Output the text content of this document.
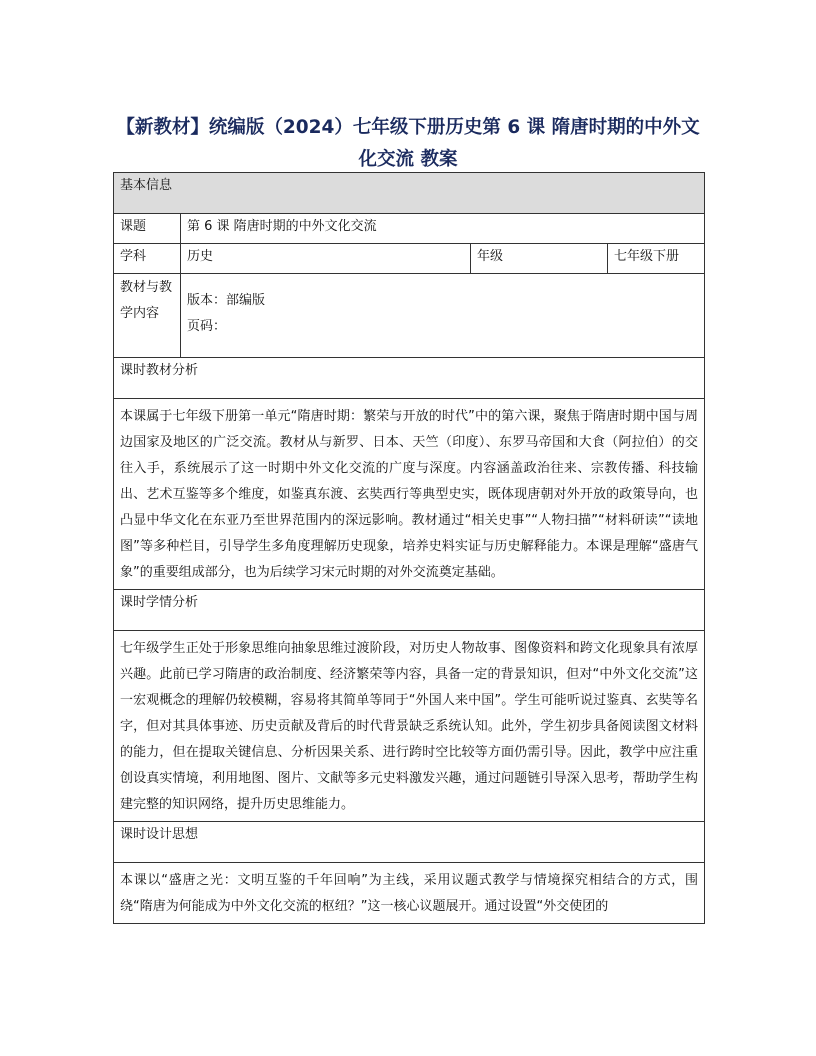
【新教材】统编版（2024）七年级下册历史第 6 课 隋唐时期的中外文化交流 教案
基本信息			
课题	第 6 课 隋唐时期的中外文化交流		
学科	历史	年级	七年级下册
教材与教学内容	版本：部编版
页码：		

课时教材分析			
本课属于七年级下册第一单元“隋唐时期：繁荣与开放的时代”中的第六课，聚焦于隋唐时期中国与周边国家及地区的广泛交流。教材从与新罗、日本、天竺（印度）、东罗马帝国和大食（阿拉伯）的交往入手，系统展示了这一时期中外文化交流的广度与深度。内容涵盖政治往来、宗教传播、科技输出、艺术互鉴等多个维度，如鉴真东渡、玄奘西行等典型史实，既体现唐朝对外开放的政策导向，也凸显中华文化在东亚乃至世界范围内的深远影响。教材通过“相关史事”“人物扫描”“材料研读”“读地图”等多种栏目，引导学生多角度理解历史现象，培养史料实证与历史解释能力。本课是理解“盛唐气象”的重要组成部分，也为后续学习宋元时期的对外交流奠定基础。			
课时学情分析			
七年级学生正处于形象思维向抽象思维过渡阶段，对历史人物故事、图像资料和跨文化现象具有浓厚兴趣。此前已学习隋唐的政治制度、经济繁荣等内容，具备一定的背景知识，但对“中外文化交流”这一宏观概念的理解仍较模糊，容易将其简单等同于“外国人来中国”。学生可能听说过鉴真、玄奘等名字，但对其具体事迹、历史贡献及背后的时代背景缺乏系统认知。此外，学生初步具备阅读图文材料的能力，但在提取关键信息、分析因果关系、进行跨时空比较等方面仍需引导。因此，教学中应注重创设真实情境，利用地图、图片、文献等多元史料激发兴趣，通过问题链引导深入思考，帮助学生构建完整的知识网络，提升历史思维能力。			
课时设计思想			
本课以“盛唐之光：文明互鉴的千年回响”为主线，采用议题式教学与情境探究相结合的方式，围绕“隋唐为何能成为中外文化交流的枢纽？”这一核心议题展开。通过设置“外交使团的			
